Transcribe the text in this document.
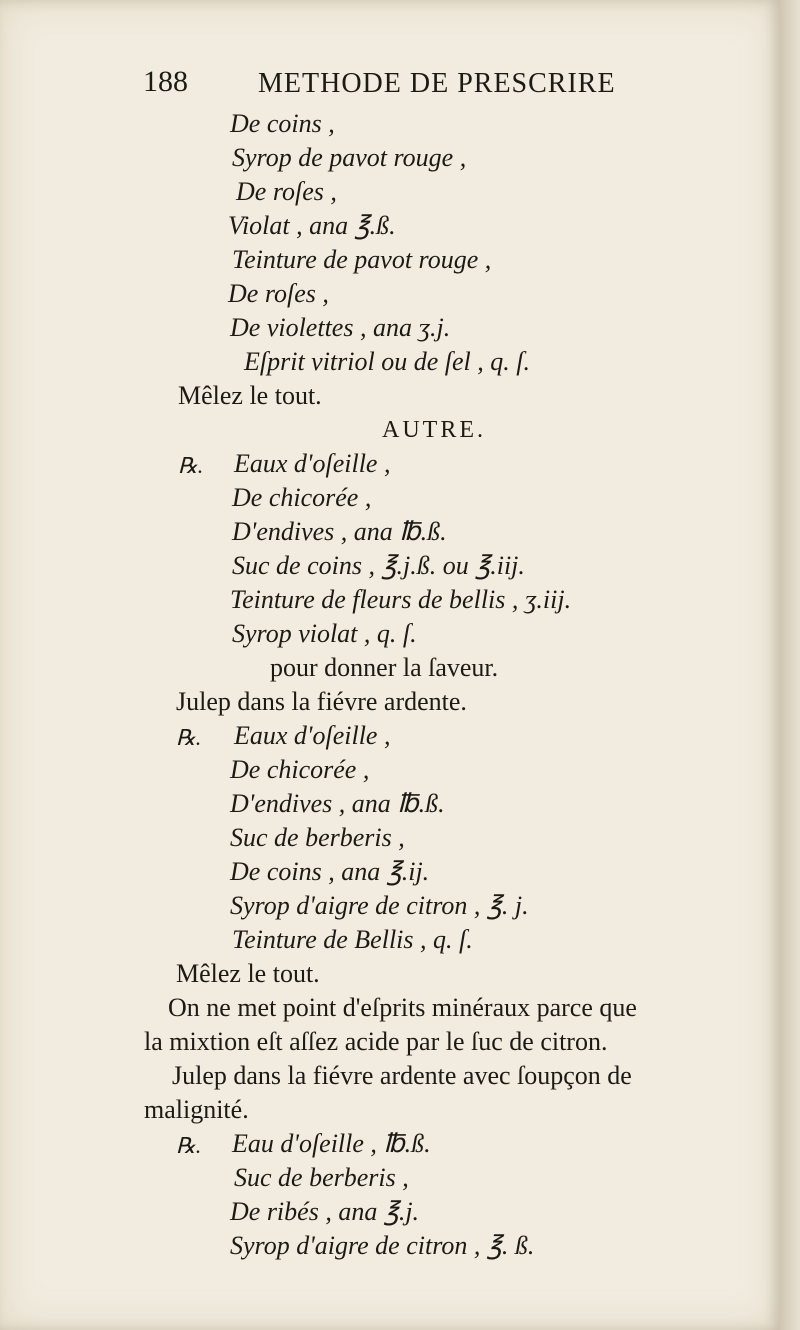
188	METHODE DE PRESCRIRE
De coins ,
Syrop de pavot rouge ,
De roſes ,
Violat , ana ℥.ß.
Teinture de pavot rouge ,
De roſes ,
De violettes , ana ʒ.j.
Eſprit vitriol ou de ſel , q. ſ.
Mêlez le tout.
AUTRE.
℞. Eaux d'oſeille ,
De chicorée ,
D'endives , ana ℔.ß.
Suc de coins , ℥.j.ß. ou ℥.iij.
Teinture de fleurs de bellis , ʒ.iij.
Syrop violat , q. ſ.
pour donner la ſaveur.
Julep dans la fiévre ardente.
℞. Eaux d'oſeille ,
De chicorée ,
D'endives , ana ℔.ß.
Suc de berberis ,
De coins , ana ℥.ij.
Syrop d'aigre de citron , ℥. j.
Teinture de Bellis , q. ſ.
Mêlez le tout.
On ne met point d'eſprits minéraux parce que
la mixtion eſt aſſez acide par le ſuc de citron.
Julep dans la fiévre ardente avec ſoupçon de
malignité.
℞. Eau d'oſeille , ℔.ß.
Suc de berberis ,
De ribés , ana ℥.j.
Syrop d'aigre de citron , ℥. ß.
